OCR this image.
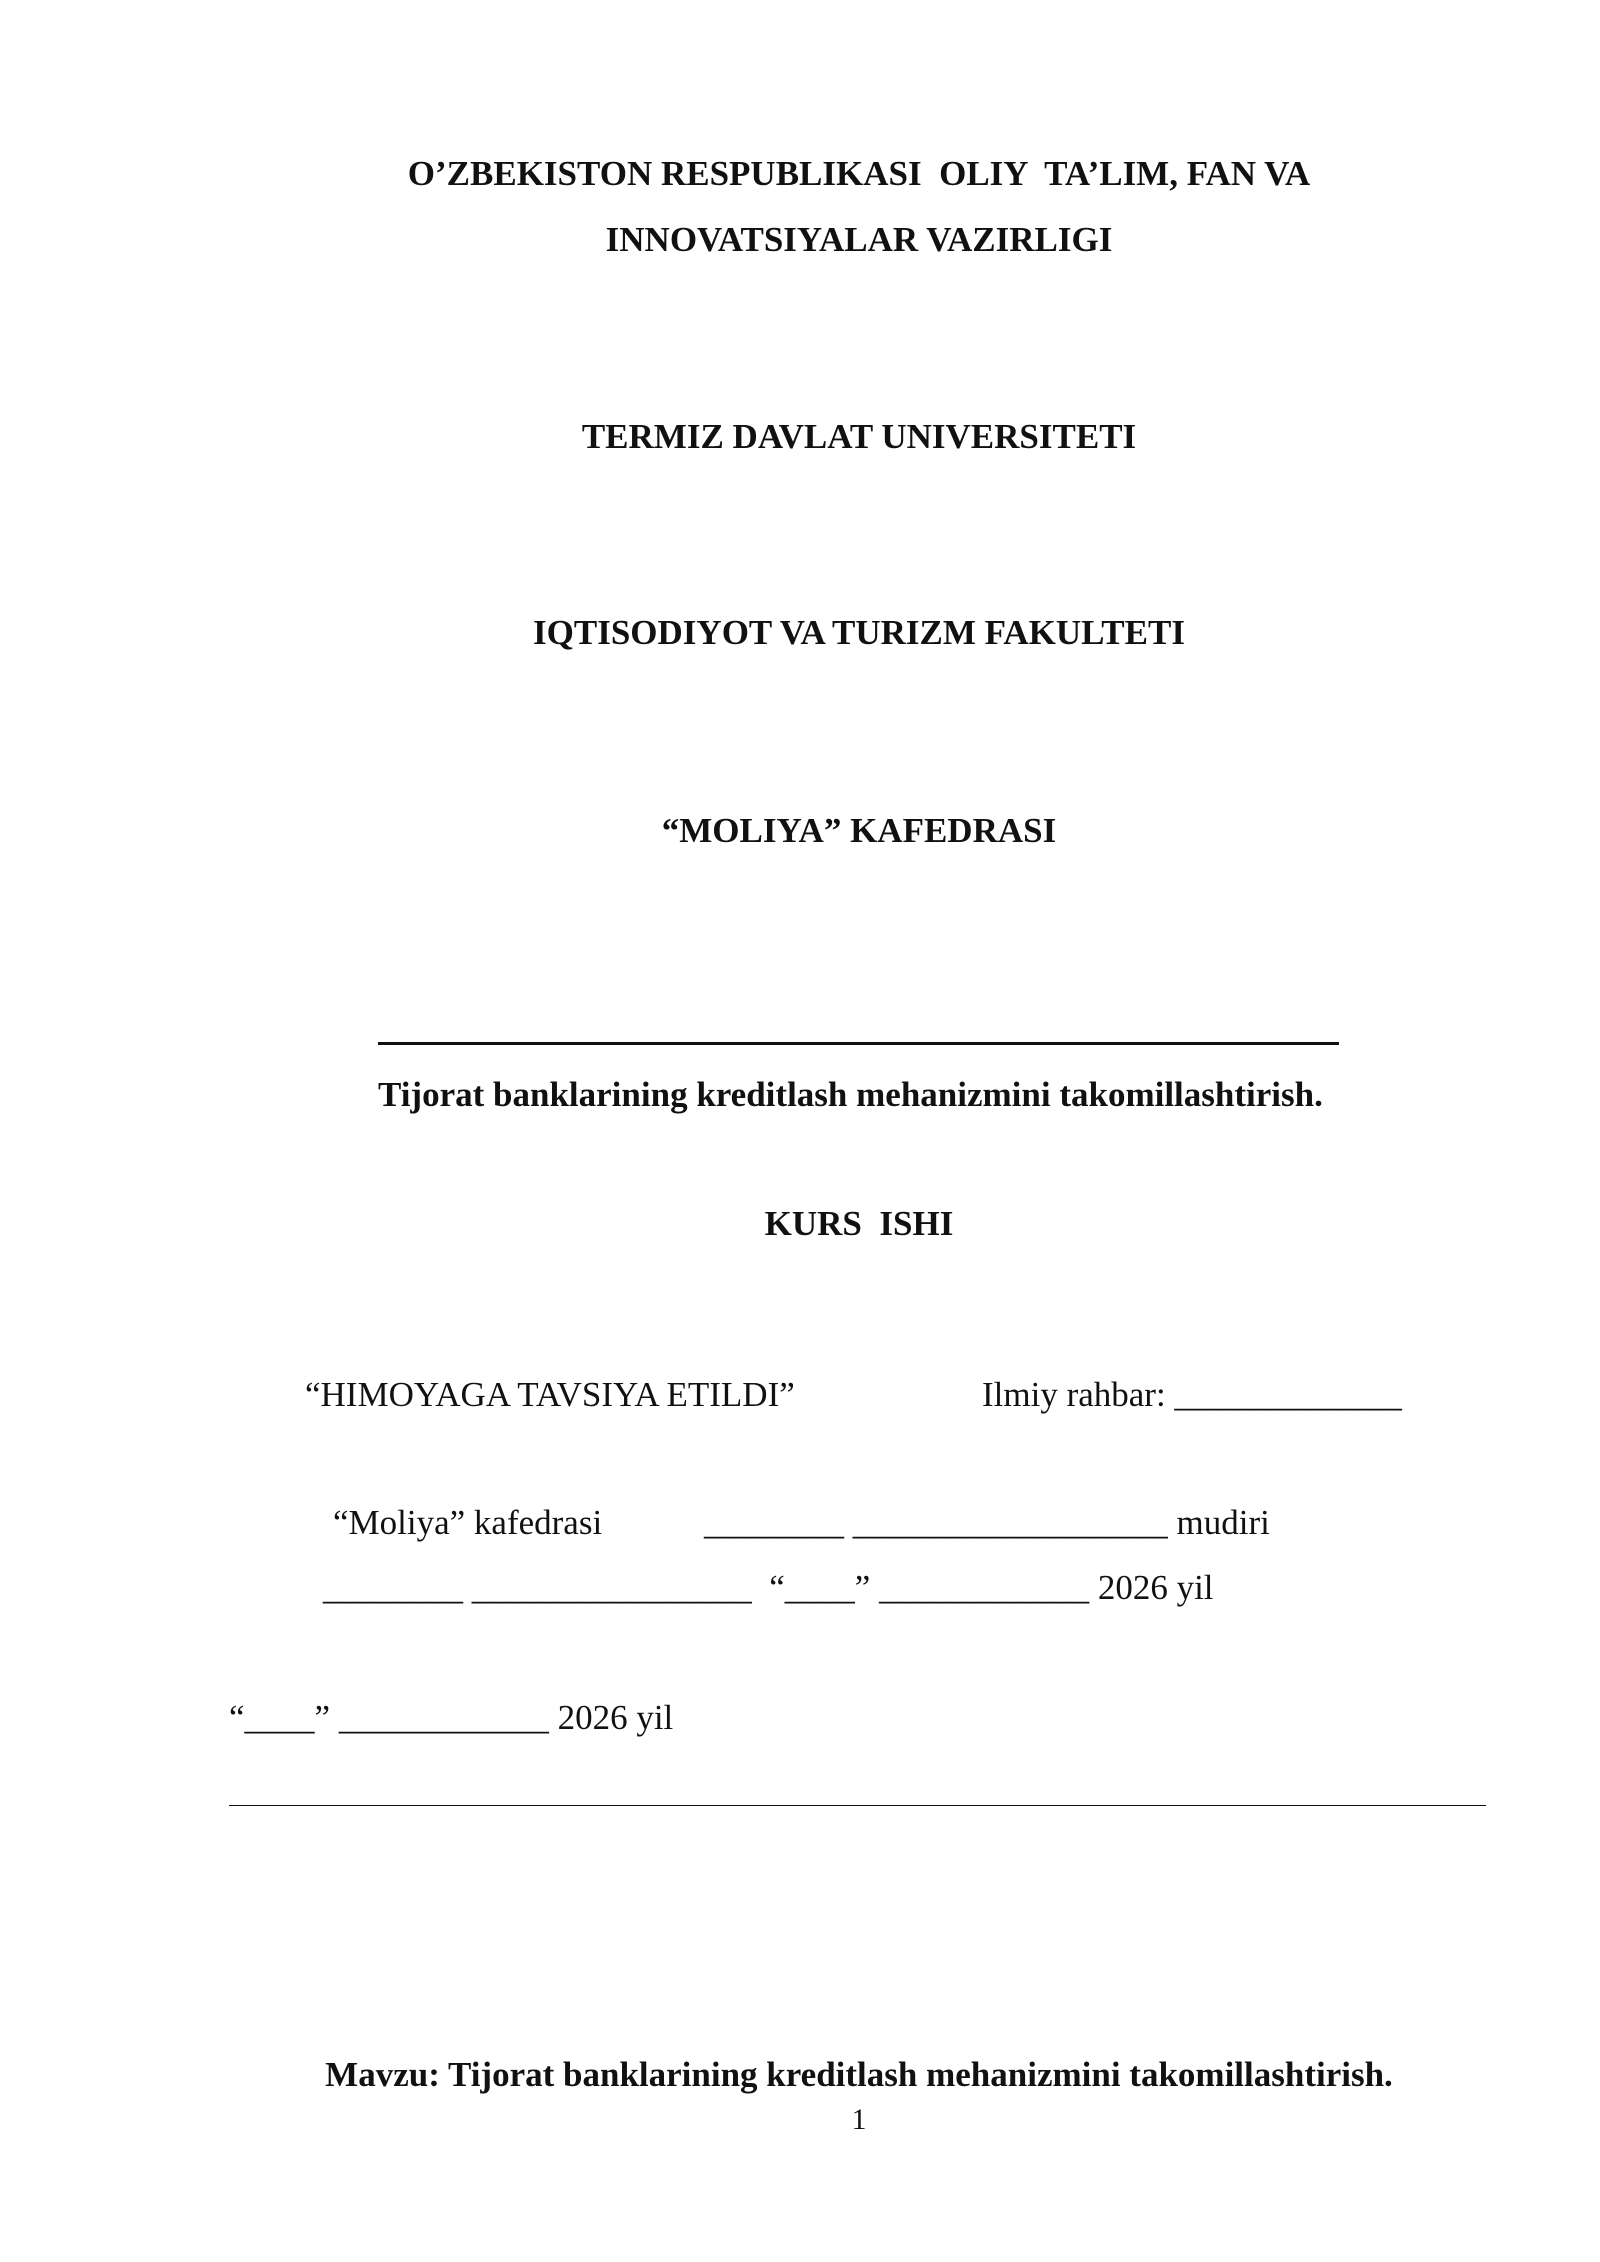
O’ZBEKISTON RESPUBLIKASI  OLIY  TA’LIM, FAN VA
INNOVATSIYALAR VAZIRLIGI
TERMIZ DAVLAT UNIVERSITETI
IQTISODIYOT VA TURIZM FAKULTETI
“MOLIYA” KAFEDRASI
Tijorat banklarining kreditlash mehanizmini takomillashtirish.
KURS  ISHI
“HIMOYAGA TAVSIYA ETILDI”	Ilmiy rahbar: _____________
“Moliya” kafedrasi	________ __________________ mudiri
________ ________________  “____” ____________ 2026 yil
“____” ____________ 2026 yil
Mavzu: Tijorat banklarining kreditlash mehanizmini takomillashtirish.
1
